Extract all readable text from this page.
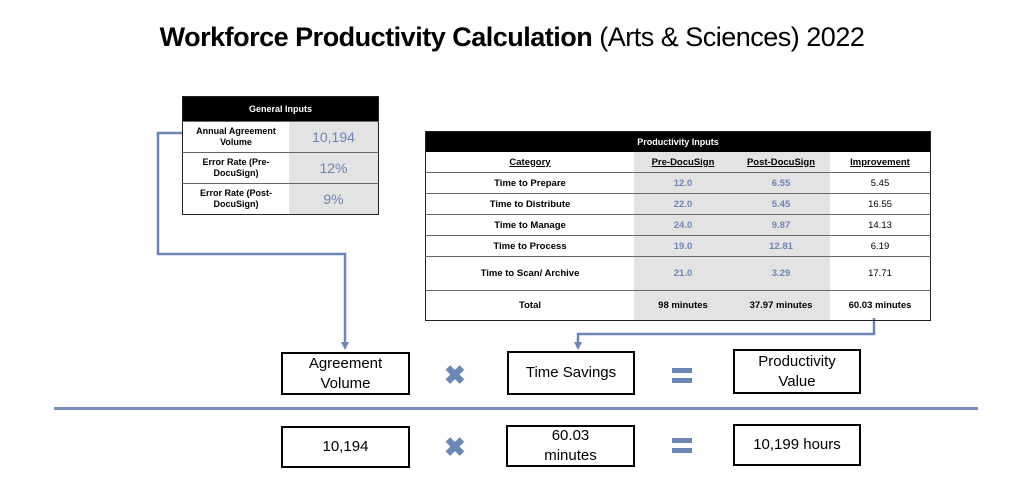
Workforce Productivity Calculation (Arts & Sciences) 2022
General Inputs	
Annual Agreement Volume	10,194
Error Rate (Pre-DocuSign)	12%
Error Rate (Post-DocuSign)	9%
Productivity Inputs			
Category	Pre-DocuSign	Post-DocuSign	Improvement
Time to Prepare	12.0	6.55	5.45
Time to Distribute	22.0	5.45	16.55
Time to Manage	24.0	9.87	14.13
Time to Process	19.0	12.81	6.19
Time to Scan/ Archive	21.0	3.29	17.71
Total	98 minutes	37.97 minutes	60.03 minutes
Agreement Volume	✖	Time Savings
Productivity Value
10,194	✖	60.03 minutes
10,199 hours
